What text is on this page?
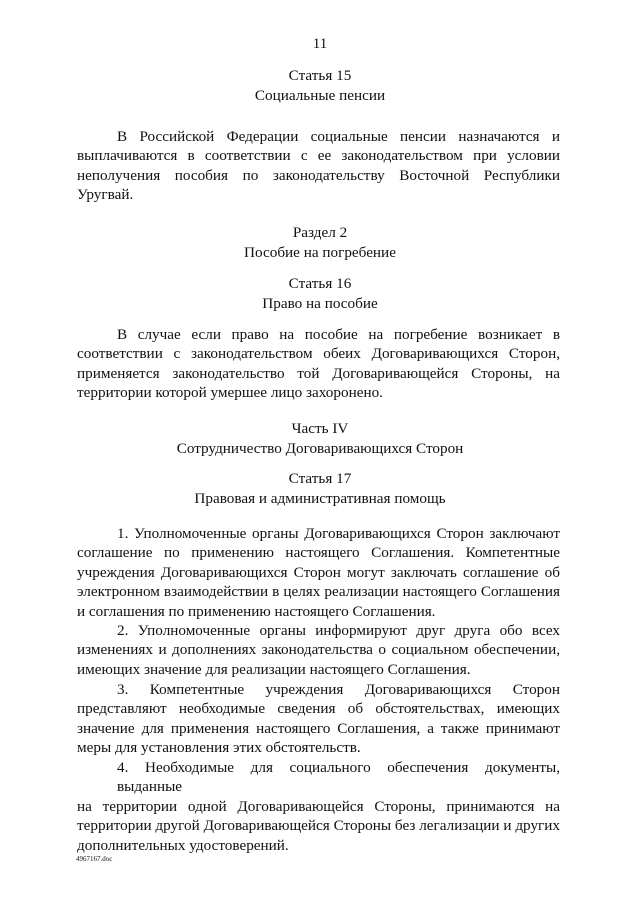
11
Статья 15
Социальные пенсии
В Российской Федерации социальные пенсии назначаются и
выплачиваются в соответствии с ее законодательством при условии
неполучения пособия по законодательству Восточной Республики
Уругвай.
Раздел 2
Пособие на погребение
Статья 16
Право на пособие
В случае если право на пособие на погребение возникает в
соответствии с законодательством обеих Договаривающихся Сторон,
применяется законодательство той Договаривающейся Стороны, на
территории которой умершее лицо захоронено.
Часть IV
Сотрудничество Договаривающихся Сторон
Статья 17
Правовая и административная помощь
1. Уполномоченные органы Договаривающихся Сторон заключают
соглашение по применению настоящего Соглашения. Компетентные
учреждения Договаривающихся Сторон могут заключать соглашение об
электронном взаимодействии в целях реализации настоящего Соглашения
и соглашения по применению настоящего Соглашения.
2. Уполномоченные органы информируют друг друга обо всех
изменениях и дополнениях законодательства о социальном обеспечении,
имеющих значение для реализации настоящего Соглашения.
3. Компетентные учреждения Договаривающихся Сторон
представляют необходимые сведения об обстоятельствах, имеющих
значение для применения настоящего Соглашения, а также принимают
меры для установления этих обстоятельств.
4. Необходимые для социального обеспечения документы, выданные
на территории одной Договаривающейся Стороны, принимаются на
территории другой Договаривающейся Стороны без легализации и других
дополнительных удостоверений.
4967167.doc
